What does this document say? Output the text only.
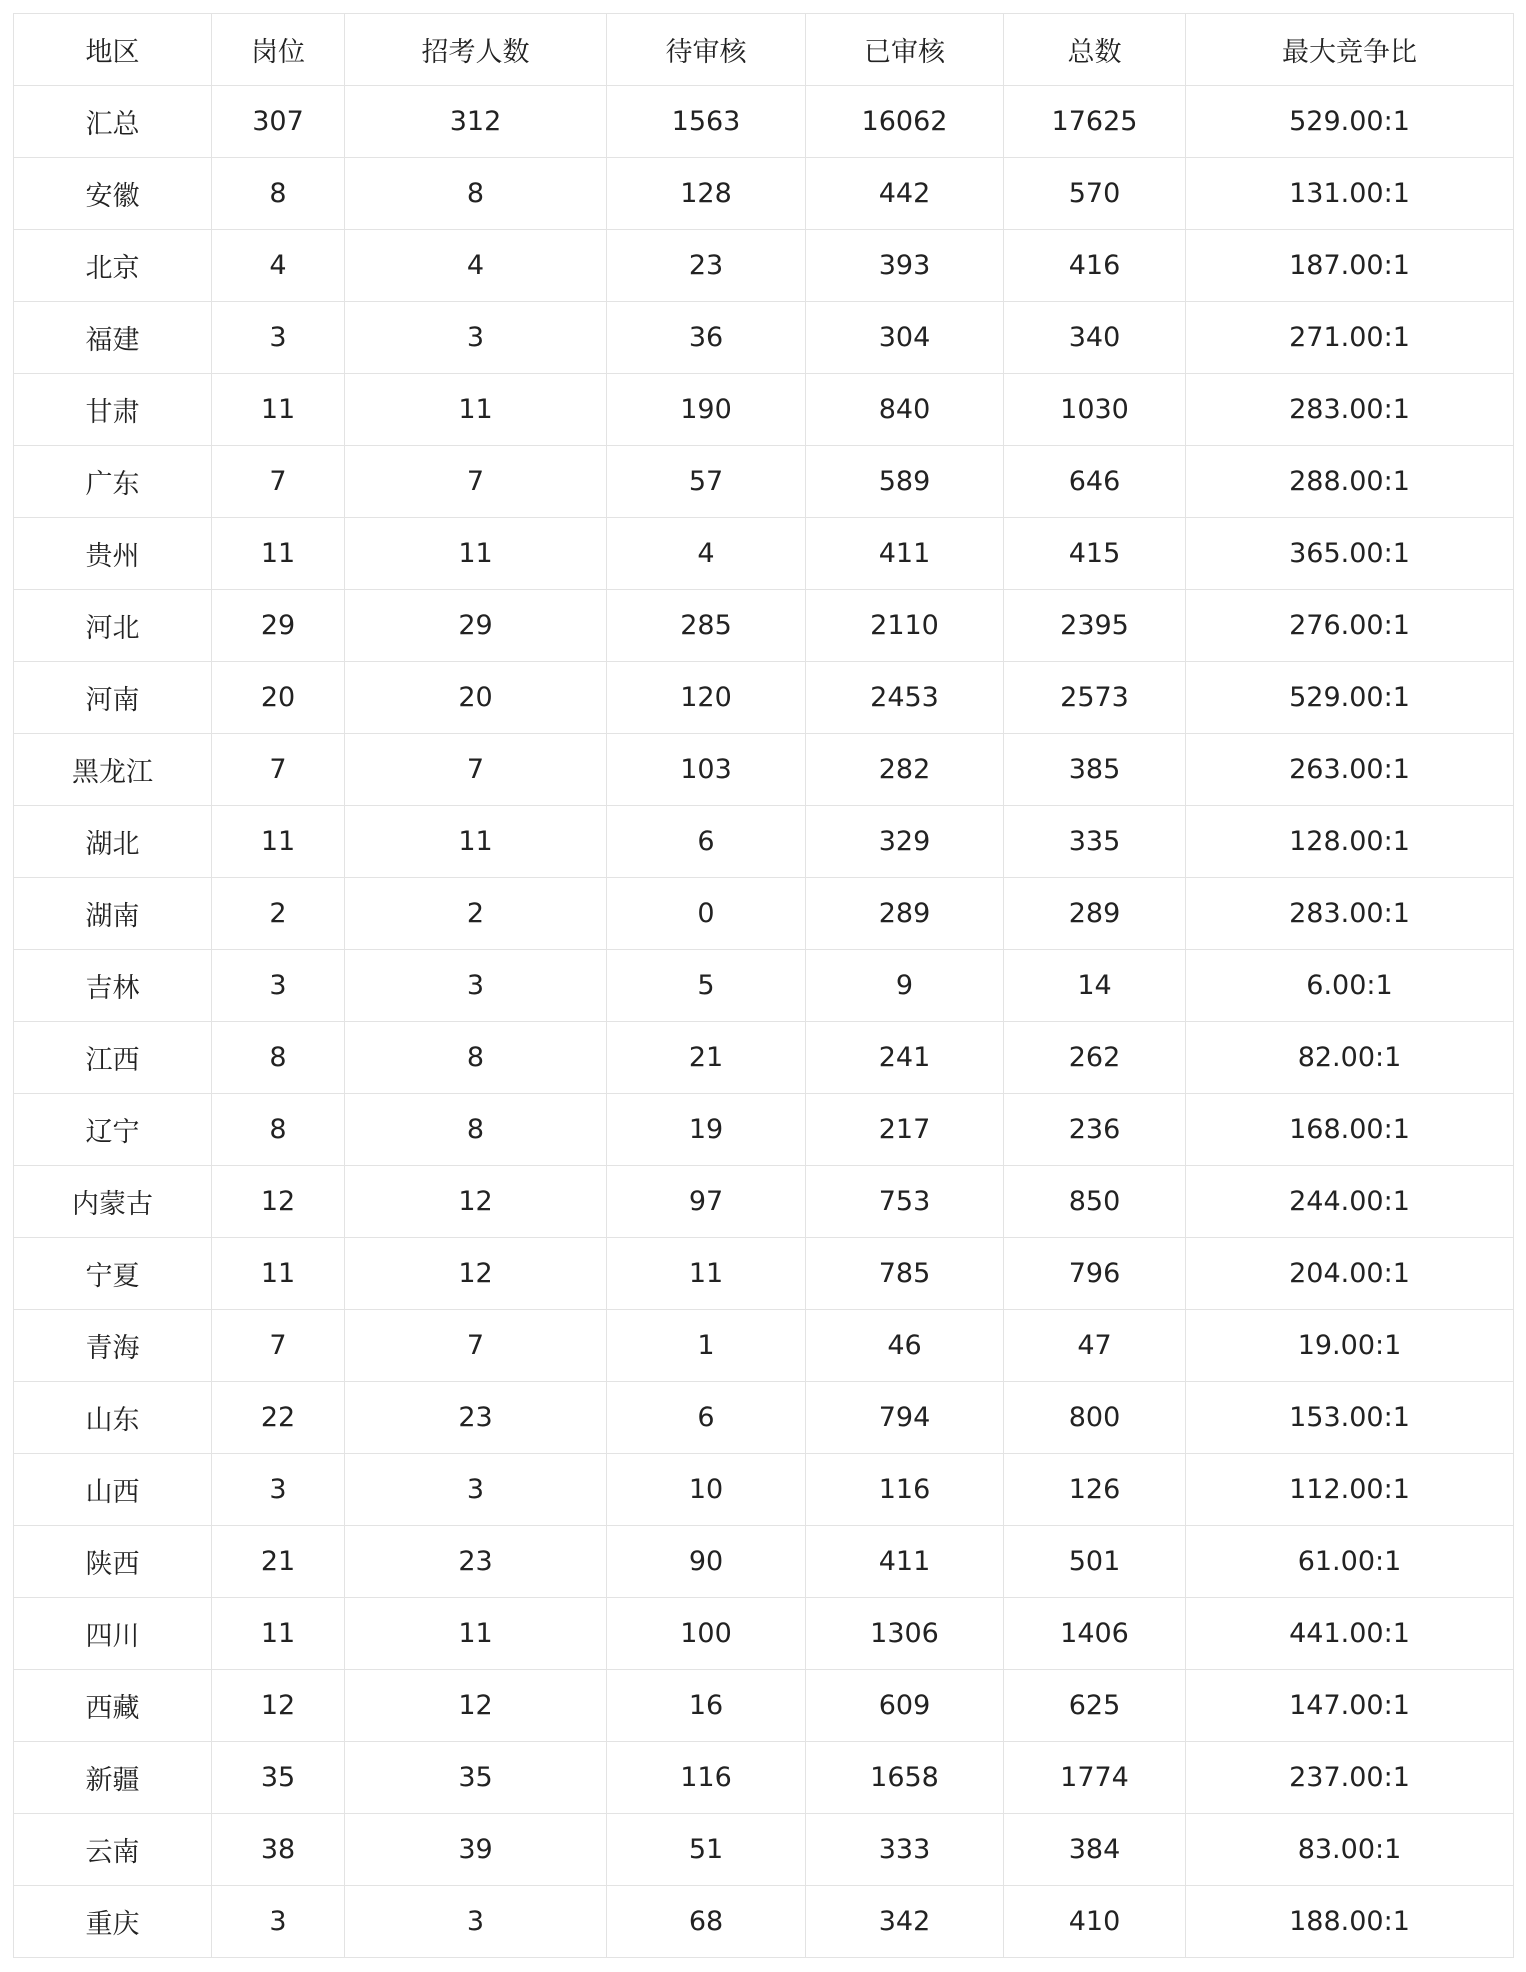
地区	岗位	招考人数	待审核	已审核	总数	最大竞争比
汇总	307	312	1563	16062	17625	529.00:1
安徽	8	8	128	442	570	131.00:1
北京	4	4	23	393	416	187.00:1
福建	3	3	36	304	340	271.00:1
甘肃	11	11	190	840	1030	283.00:1
广东	7	7	57	589	646	288.00:1
贵州	11	11	4	411	415	365.00:1
河北	29	29	285	2110	2395	276.00:1
河南	20	20	120	2453	2573	529.00:1
黑龙江	7	7	103	282	385	263.00:1
湖北	11	11	6	329	335	128.00:1
湖南	2	2	0	289	289	283.00:1
吉林	3	3	5	9	14	6.00:1
江西	8	8	21	241	262	82.00:1
辽宁	8	8	19	217	236	168.00:1
内蒙古	12	12	97	753	850	244.00:1
宁夏	11	12	11	785	796	204.00:1
青海	7	7	1	46	47	19.00:1
山东	22	23	6	794	800	153.00:1
山西	3	3	10	116	126	112.00:1
陕西	21	23	90	411	501	61.00:1
四川	11	11	100	1306	1406	441.00:1
西藏	12	12	16	609	625	147.00:1
新疆	35	35	116	1658	1774	237.00:1
云南	38	39	51	333	384	83.00:1
重庆	3	3	68	342	410	188.00:1
